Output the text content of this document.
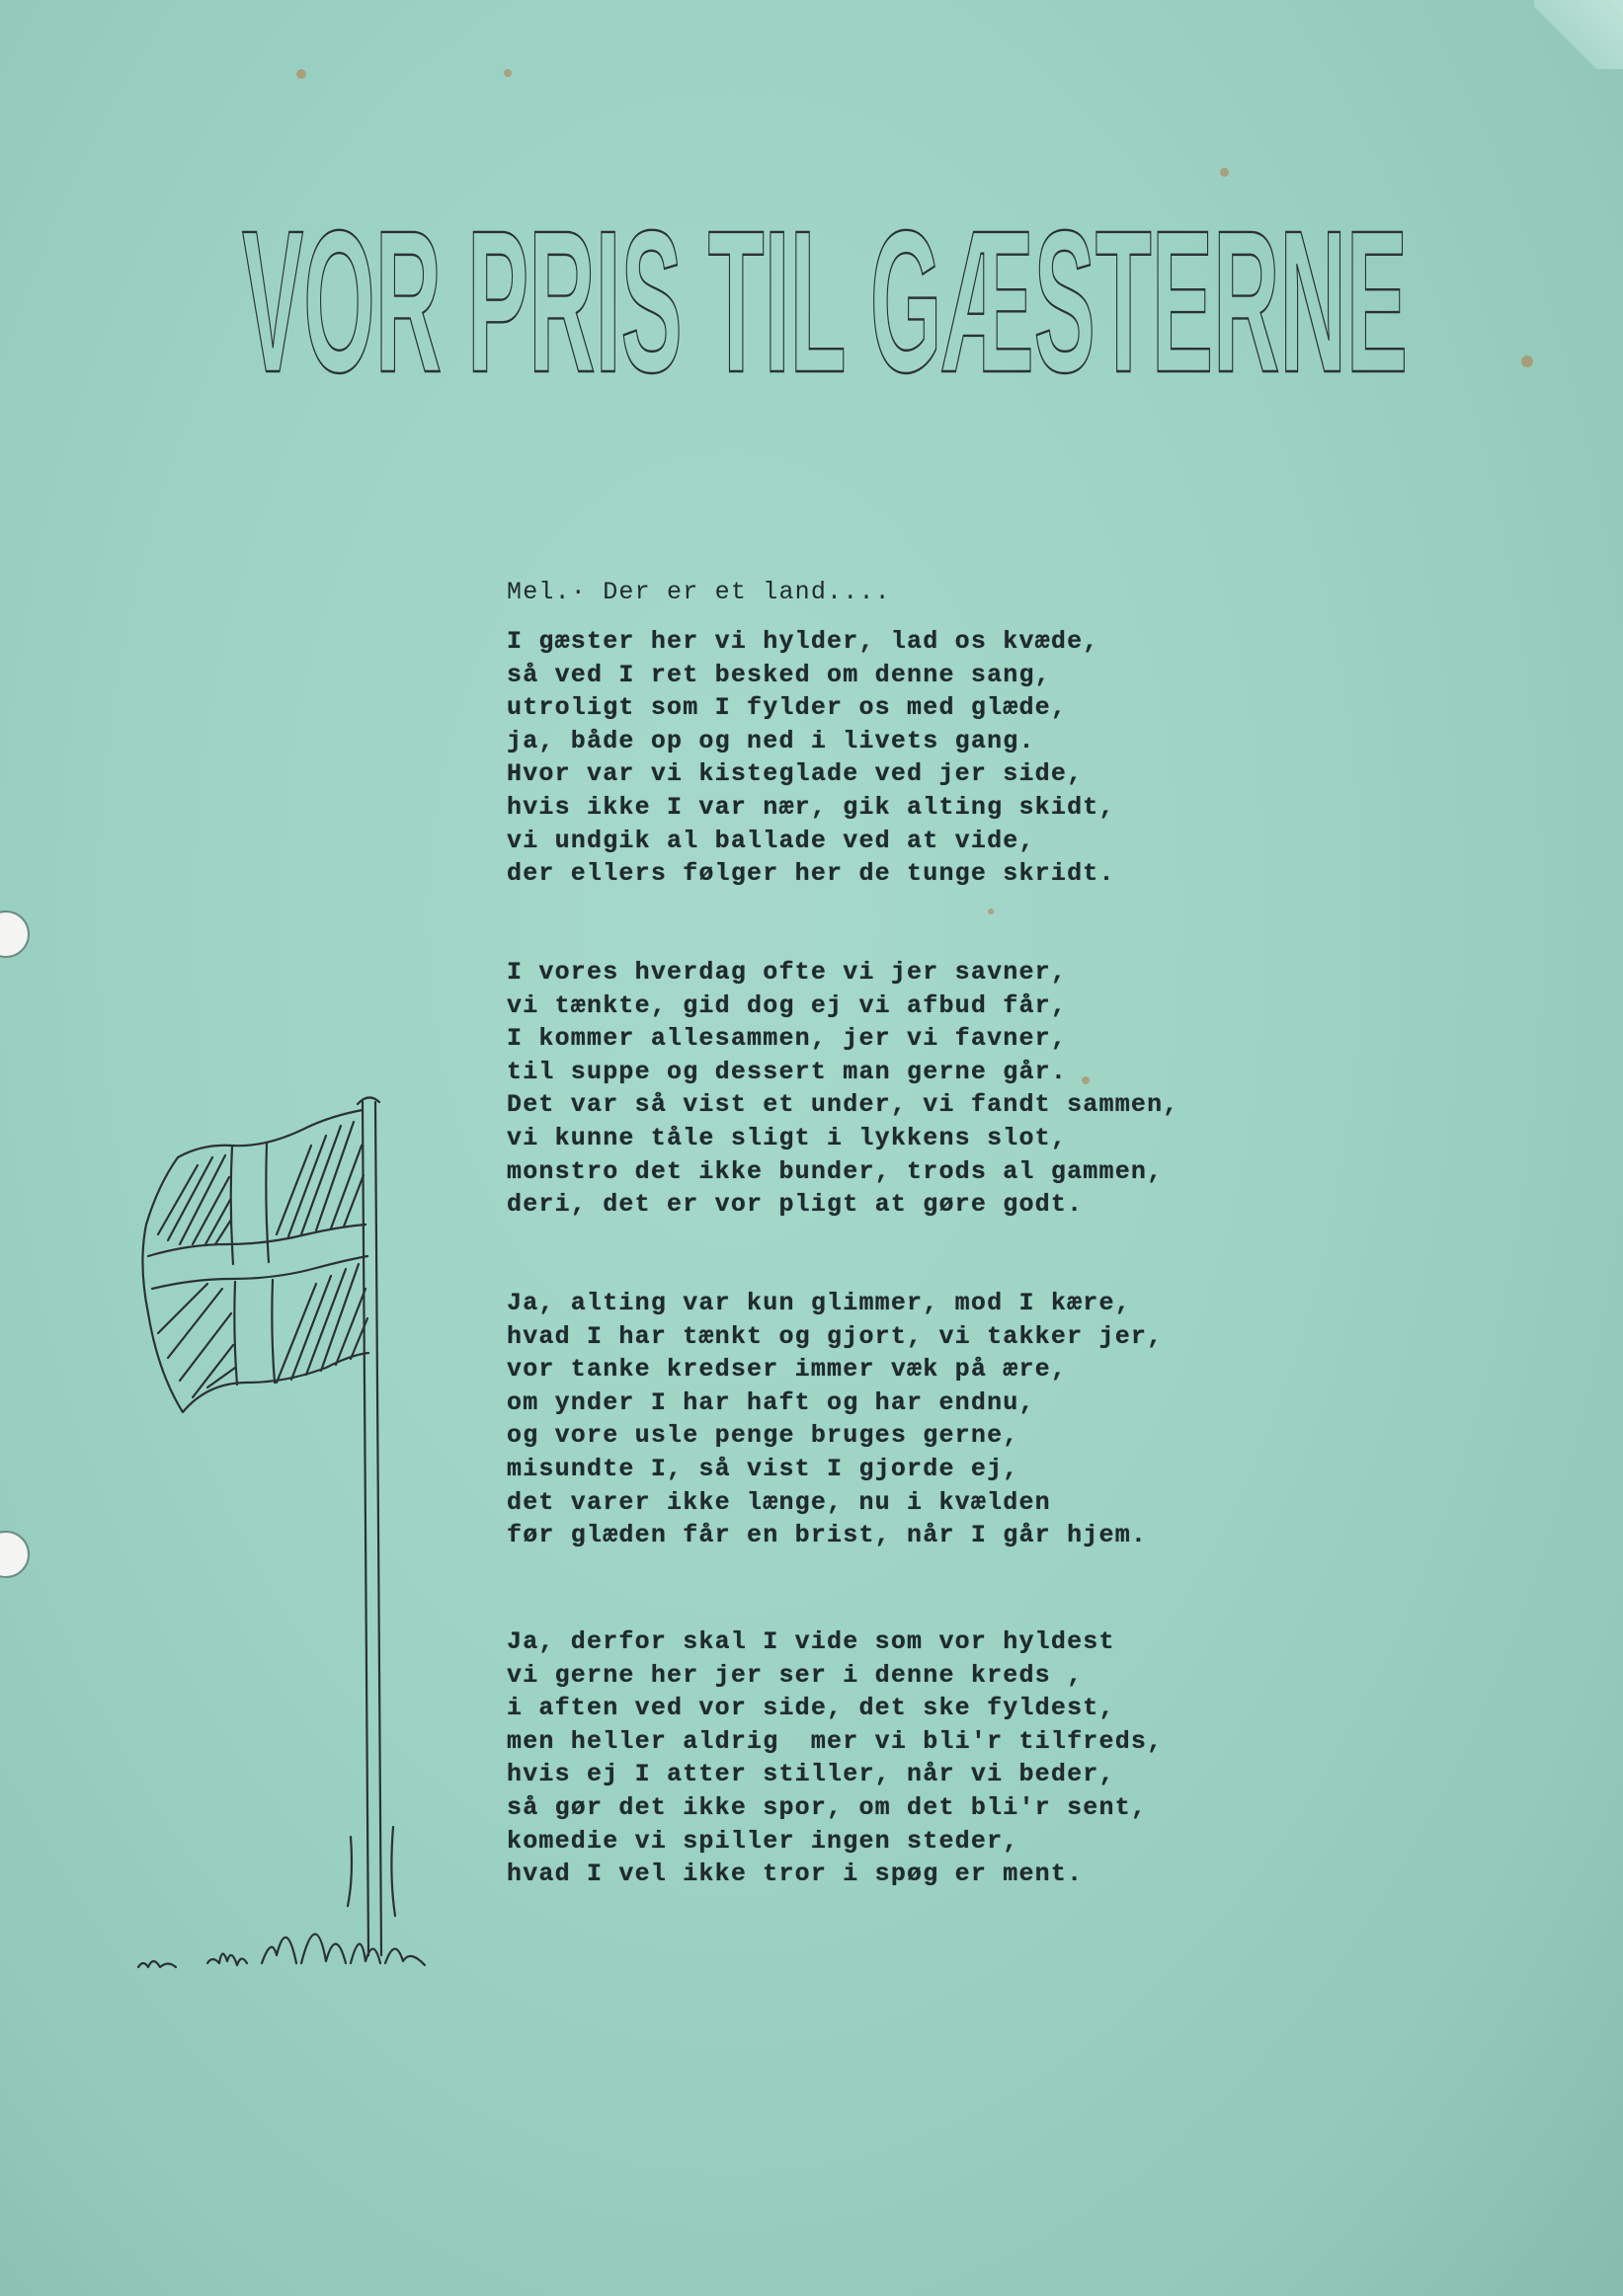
VOR PRIS TIL GÆSTERNE

Mel.· Der er et land....

I gæster her vi hylder, lad os kvæde,
så ved I ret besked om denne sang,
utroligt som I fylder os med glæde,
ja, både op og ned i livets gang.
Hvor var vi kisteglade ved jer side,
hvis ikke I var nær, gik alting skidt,
vi undgik al ballade ved at vide,
der ellers følger her de tunge skridt.
I vores hverdag ofte vi jer savner,
vi tænkte, gid dog ej vi afbud får,
I kommer allesammen, jer vi favner,
til suppe og dessert man gerne går.
Det var så vist et under, vi fandt sammen,
vi kunne tåle sligt i lykkens slot,
monstro det ikke bunder, trods al gammen,
deri, det er vor pligt at gøre godt.
Ja, alting var kun glimmer, mod I kære,
hvad I har tænkt og gjort, vi takker jer,
vor tanke kredser immer væk på ære,
om ynder I har haft og har endnu,
og vore usle penge bruges gerne,
misundte I, så vist I gjorde ej,
det varer ikke længe, nu i kvælden
før glæden får en brist, når I går hjem.
Ja, derfor skal I vide som vor hyldest
vi gerne her jer ser i denne kreds ,
i aften ved vor side, det ske fyldest,
men heller aldrig  mer vi bli'r tilfreds,
hvis ej I atter stiller, når vi beder,
så gør det ikke spor, om det bli'r sent,
komedie vi spiller ingen steder,
hvad I vel ikke tror i spøg er ment.
